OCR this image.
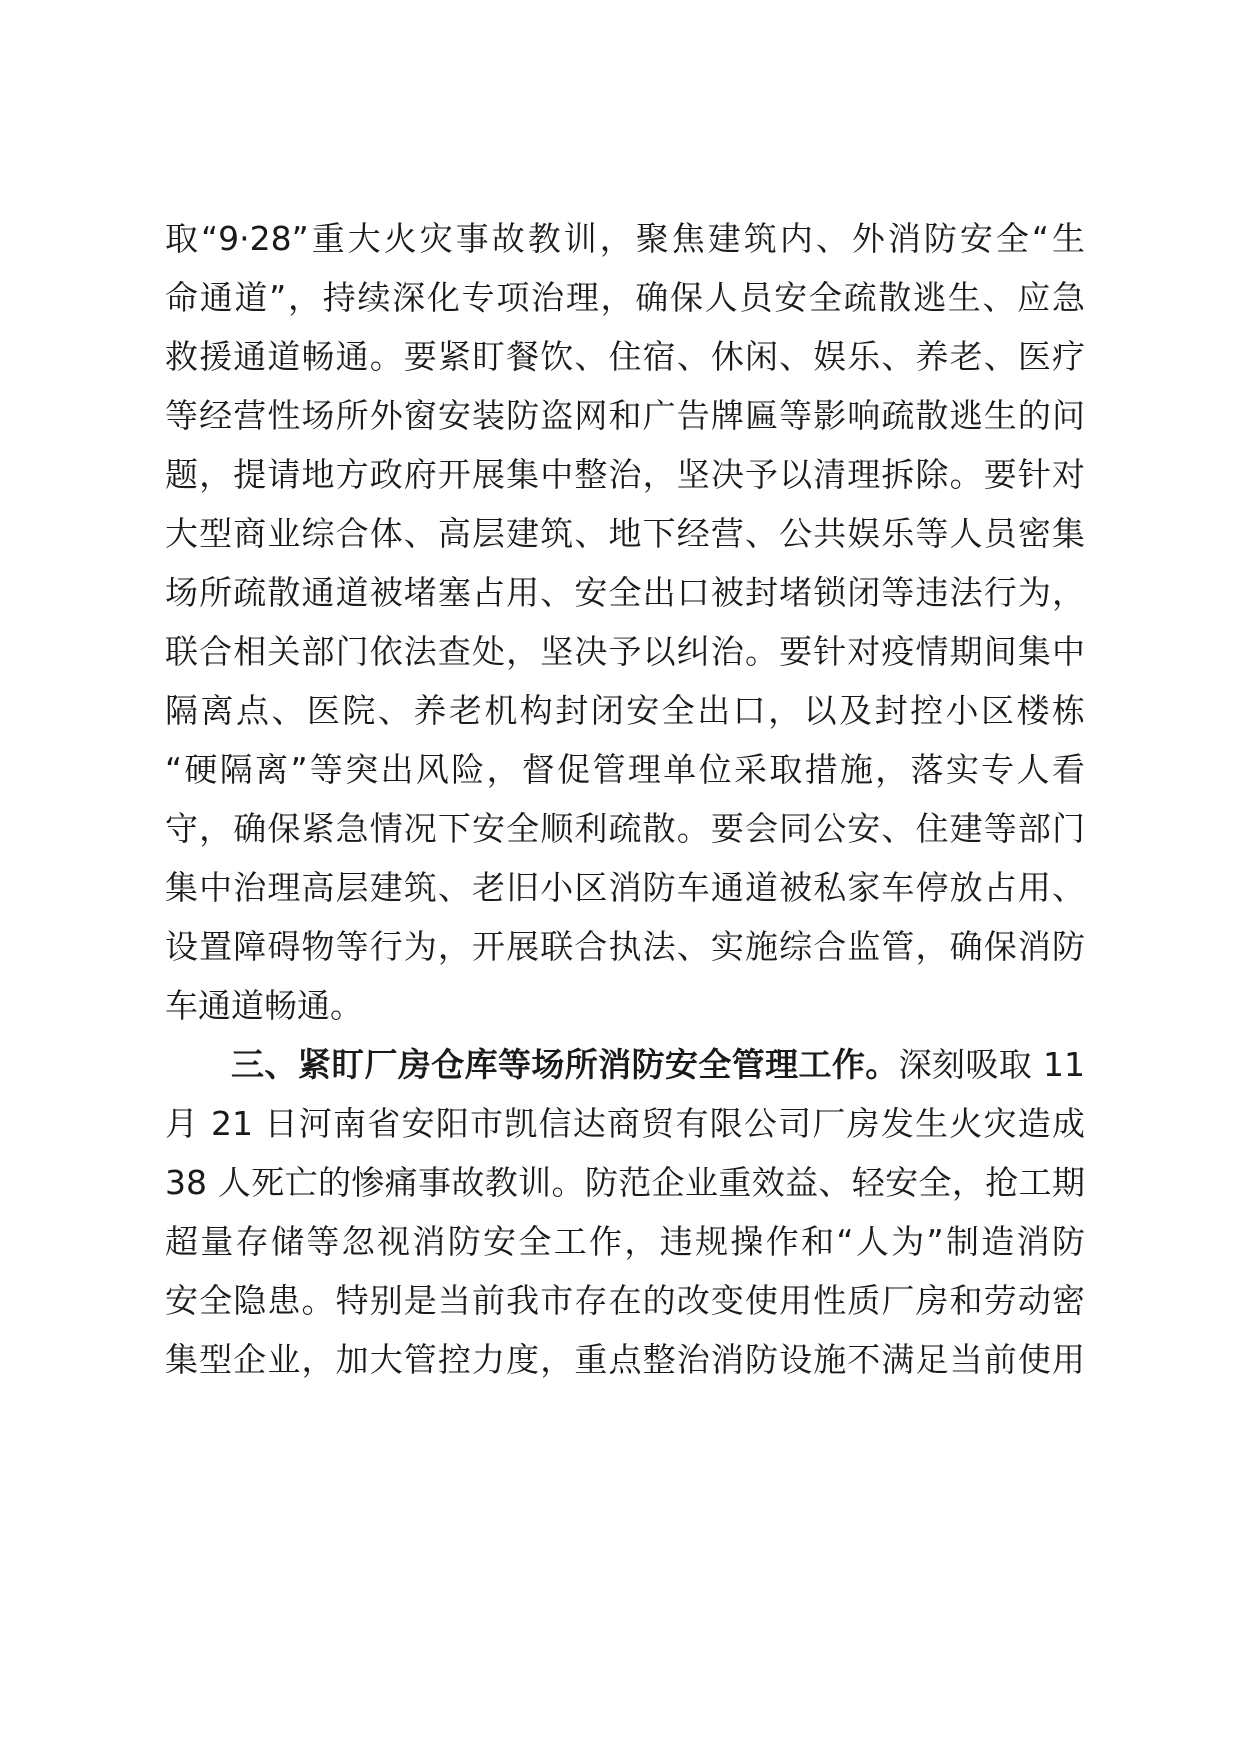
取“9·28”重大火灾事故教训，聚焦建筑内、外消防安全“生
命通道”，持续深化专项治理，确保人员安全疏散逃生、应急
救援通道畅通。要紧盯餐饮、住宿、休闲、娱乐、养老、医疗
等经营性场所外窗安装防盗网和广告牌匾等影响疏散逃生的问
题，提请地方政府开展集中整治，坚决予以清理拆除。要针对
大型商业综合体、高层建筑、地下经营、公共娱乐等人员密集
场所疏散通道被堵塞占用、安全出口被封堵锁闭等违法行为，
联合相关部门依法查处，坚决予以纠治。要针对疫情期间集中
隔离点、医院、养老机构封闭安全出口，以及封控小区楼栋
“硬隔离”等突出风险，督促管理单位采取措施，落实专人看
守，确保紧急情况下安全顺利疏散。要会同公安、住建等部门
集中治理高层建筑、老旧小区消防车通道被私家车停放占用、
设置障碍物等行为，开展联合执法、实施综合监管，确保消防
车通道畅通。
三、紧盯厂房仓库等场所消防安全管理工作。深刻吸取 11
月 21 日河南省安阳市凯信达商贸有限公司厂房发生火灾造成
38 人死亡的惨痛事故教训。防范企业重效益、轻安全，抢工期
超量存储等忽视消防安全工作，违规操作和“人为”制造消防
安全隐患。特别是当前我市存在的改变使用性质厂房和劳动密
集型企业，加大管控力度，重点整治消防设施不满足当前使用
